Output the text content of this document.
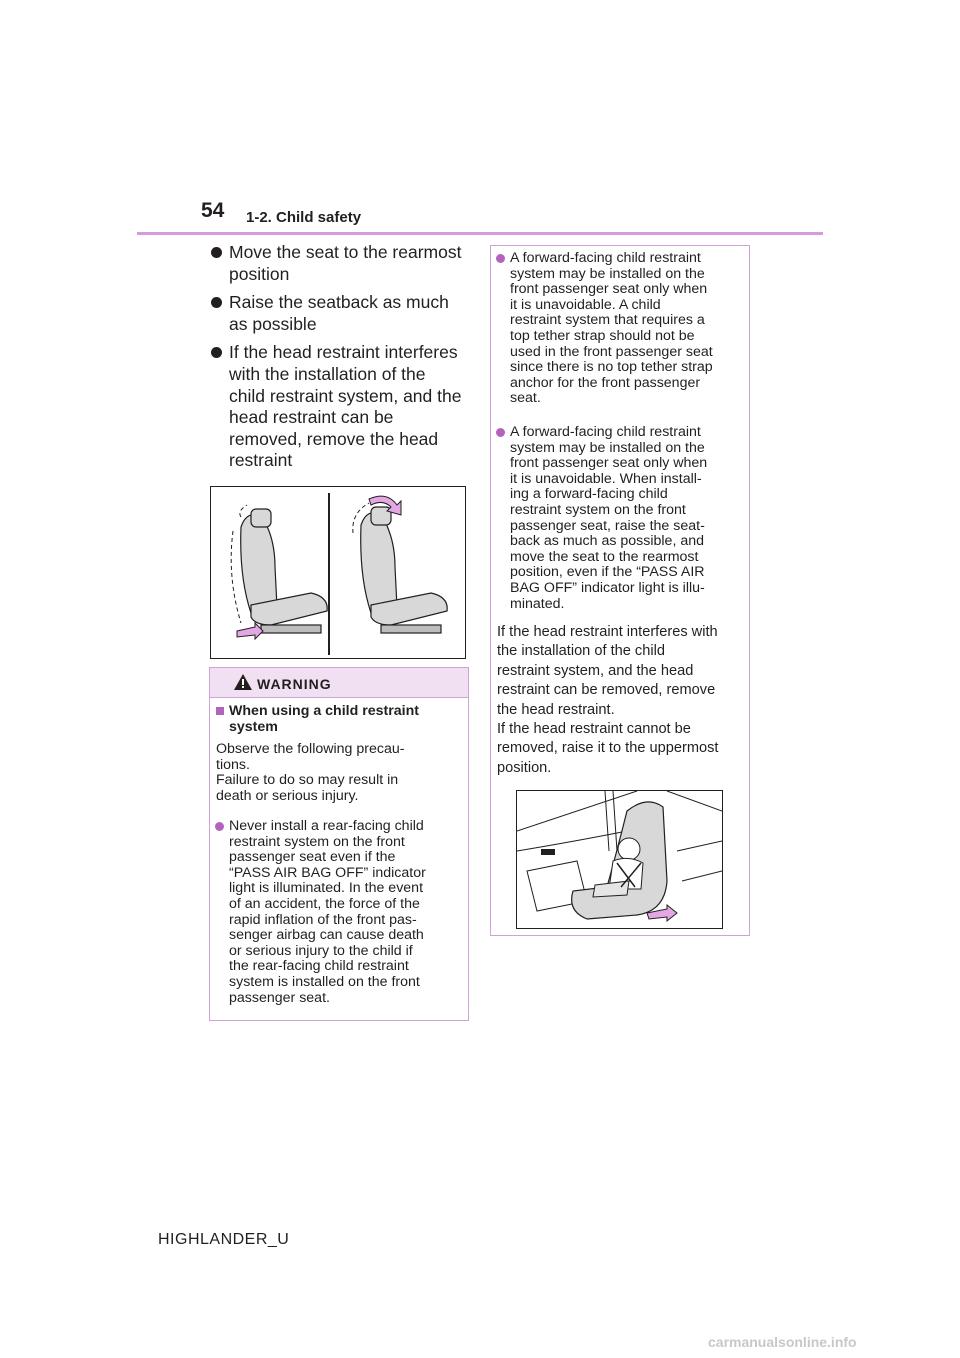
54 1-2. Child safety
Move the seat to the rearmost
position
Raise the seatback as much
as possible
If the head restraint interferes
with the installation of the
child restraint system, and the
head restraint can be
removed, remove the head
restraint
WARNING
When using a child restraint
system
Observe the following precau-
tions.
Failure to do so may result in
death or serious injury.
Never install a rear-facing child
restraint system on the front
passenger seat even if the
“PASS AIR BAG OFF” indicator
light is illuminated. In the event
of an accident, the force of the
rapid inflation of the front pas-
senger airbag can cause death
or serious injury to the child if
the rear-facing child restraint
system is installed on the front
passenger seat.
A forward-facing child restraint
system may be installed on the
front passenger seat only when
it is unavoidable. A child
restraint system that requires a
top tether strap should not be
used in the front passenger seat
since there is no top tether strap
anchor for the front passenger
seat.
A forward-facing child restraint
system may be installed on the
front passenger seat only when
it is unavoidable. When install-
ing a forward-facing child
restraint system on the front
passenger seat, raise the seat-
back as much as possible, and
move the seat to the rearmost
position, even if the “PASS AIR
BAG OFF” indicator light is illu-
minated.
If the head restraint interferes with
the installation of the child
restraint system, and the head
restraint can be removed, remove
the head restraint.
If the head restraint cannot be
removed, raise it to the uppermost
position.
HIGHLANDER_U
carmanualsonline.info
